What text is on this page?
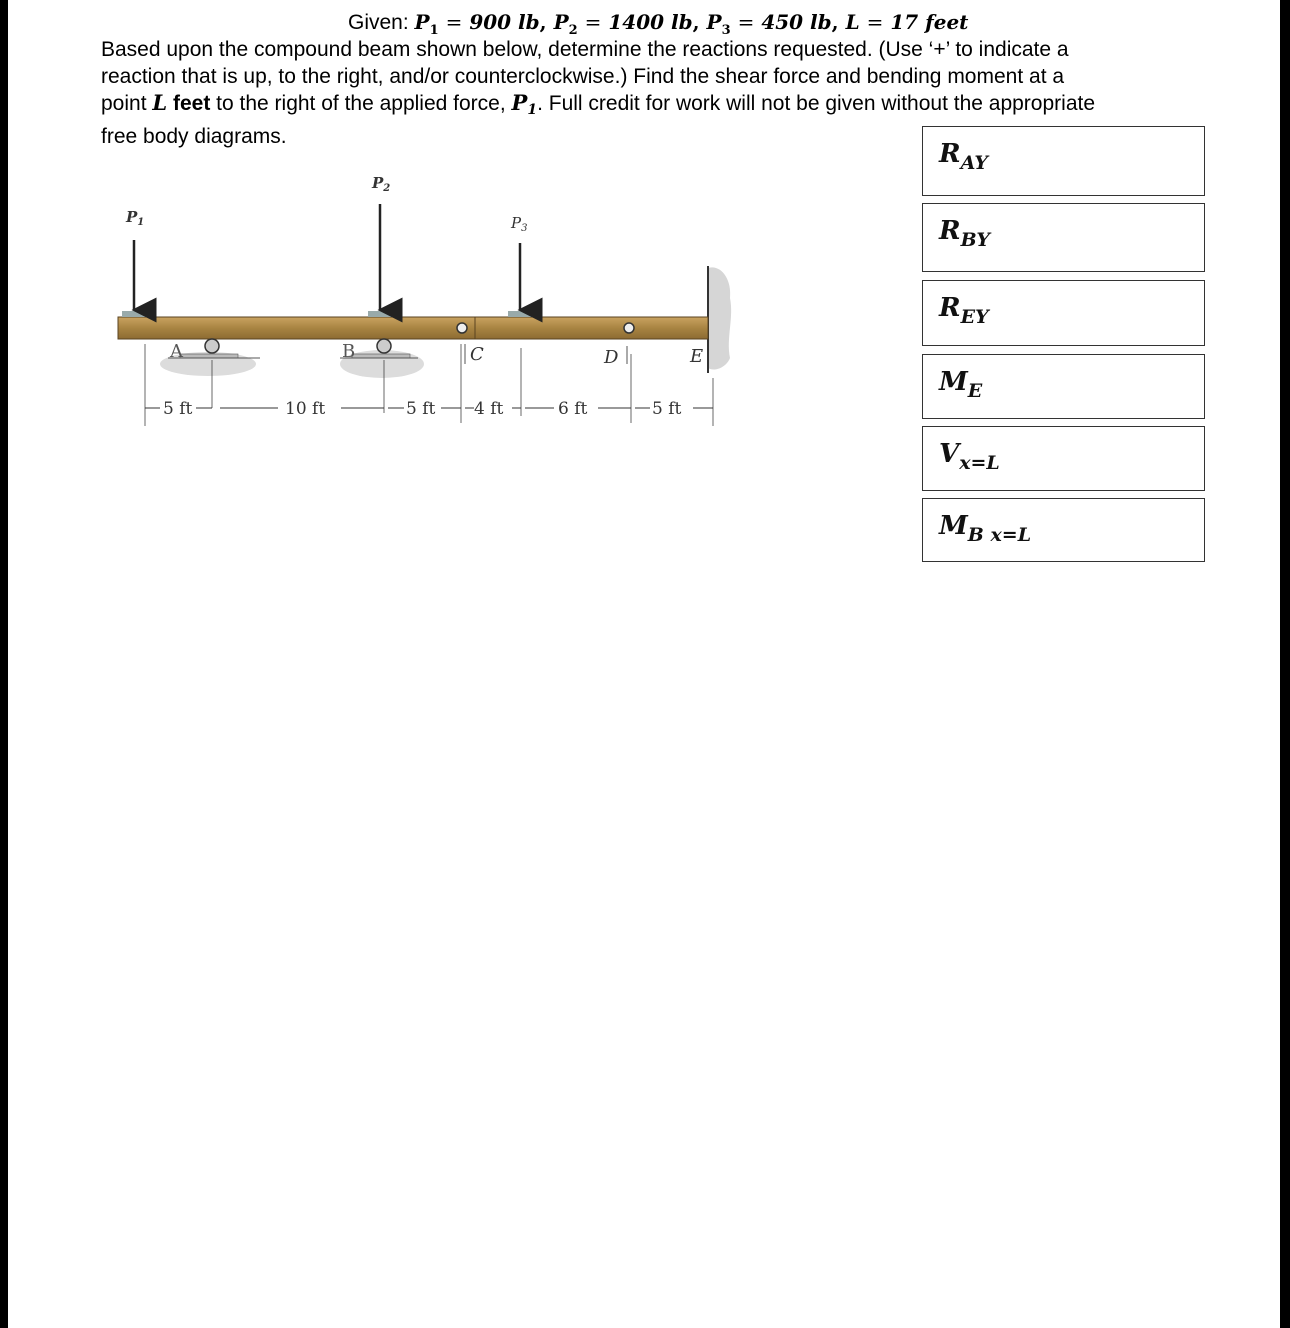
Given: $P_1 = 900$ lb, $P_2 = 1400$ lb, $P_3 = 450$ lb, L = 17 feet
Based upon the compound beam shown below, determine the reactions requested. (Use ‘+’ to indicate a
reaction that is up, to the right, and/or counterclockwise.) Find the shear force and bending moment at a
point L feet to the right of the applied force, P1. Full credit for work will not be given without the appropriate
free body diagrams.
$P_1$
$P_2$
$P_3$
A	B	C	D	E
5 ft	10 ft	5 ft 4 ft	6 ft	5 ft
$R_{AY}$
$R_{BY}$
$R_{EY}$
$M_E$
$V_{x=L}$
$M_{B x=L}$
